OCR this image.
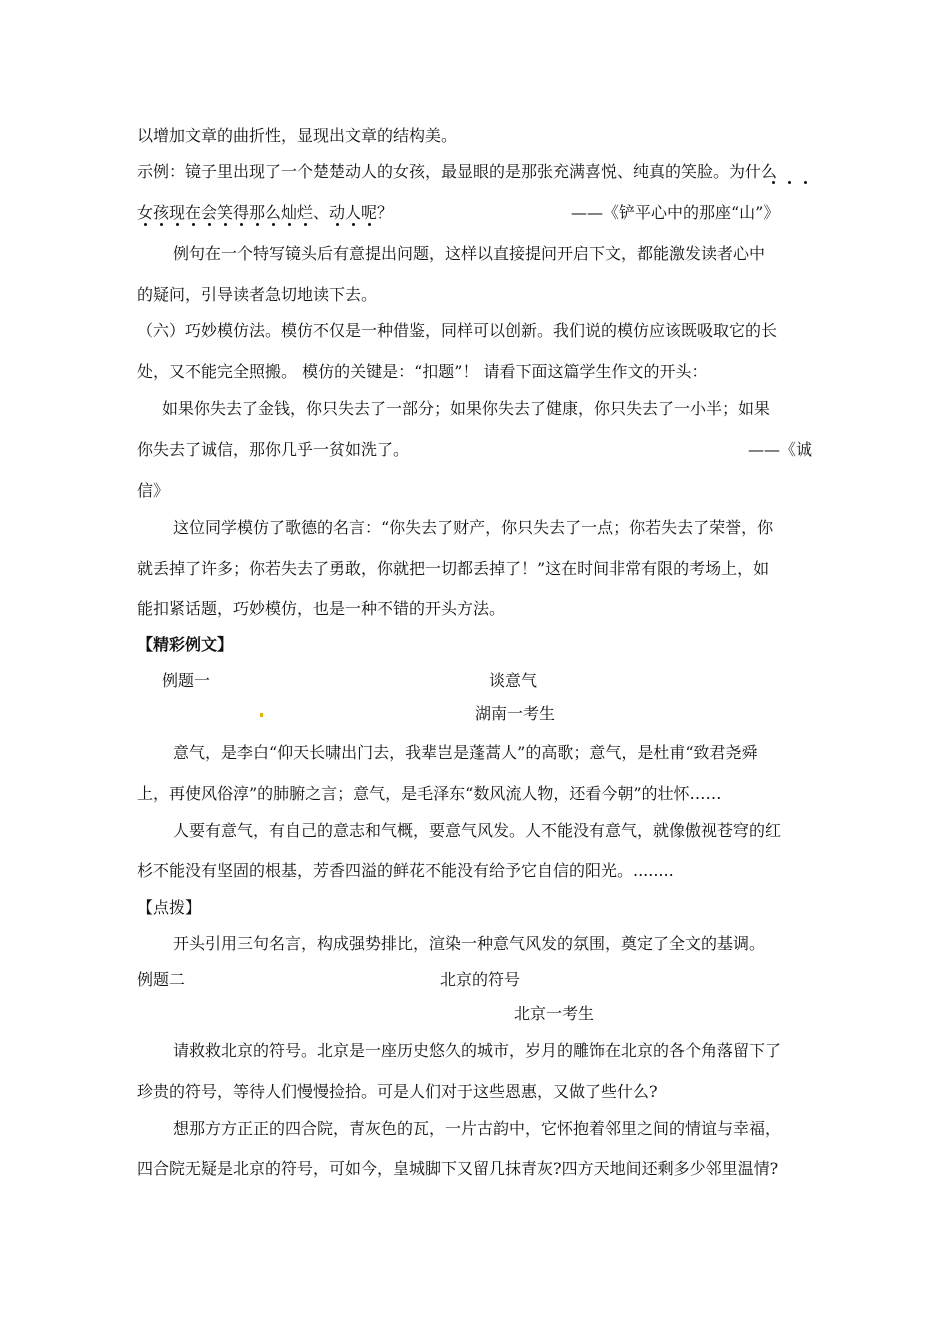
以增加文章的曲折性，显现出文章的结构美。
示例：镜子里出现了一个楚楚动人的女孩，最显眼的是那张充满喜悦、纯真的笑脸。为什么
女孩现在会笑得那么灿烂、动人呢？	——《铲平心中的那座“山”》
例句在一个特写镜头后有意提出问题，这样以直接提问开启下文，都能激发读者心中
的疑问，引导读者急切地读下去。
（六）巧妙模仿法。模仿不仅是一种借鉴，同样可以创新。我们说的模仿应该既吸取它的长
处，又不能完全照搬。 模仿的关键是：“扣题”！ 请看下面这篇学生作文的开头：
如果你失去了金钱，你只失去了一部分；如果你失去了健康，你只失去了一小半；如果
你失去了诚信，那你几乎一贫如洗了。	——《诚
信》
这位同学模仿了歌德的名言：“你失去了财产，你只失去了一点；你若失去了荣誉，你
就丢掉了许多；你若失去了勇敢，你就把一切都丢掉了！”这在时间非常有限的考场上，如
能扣紧话题，巧妙模仿，也是一种不错的开头方法。
【精彩例文】
例题一	谈意气
湖南一考生
意气，是李白“仰天长啸出门去，我辈岂是蓬蒿人”的高歌；意气，是杜甫“致君尧舜
上，再使风俗淳”的肺腑之言；意气，是毛泽东“数风流人物，还看今朝”的壮怀……
人要有意气，有自己的意志和气概，要意气风发。人不能没有意气，就像傲视苍穹的红
杉不能没有坚固的根基，芳香四溢的鲜花不能没有给予它自信的阳光。........
【点拨】
开头引用三句名言，构成强势排比，渲染一种意气风发的氛围，奠定了全文的基调。
例题二	北京的符号
北京一考生
请救救北京的符号。北京是一座历史悠久的城市，岁月的雕饰在北京的各个角落留下了
珍贵的符号，等待人们慢慢捡拾。可是人们对于这些恩惠，又做了些什么?
想那方方正正的四合院，青灰色的瓦，一片古韵中，它怀抱着邻里之间的情谊与幸福，
四合院无疑是北京的符号，可如今，皇城脚下又留几抹青灰?四方天地间还剩多少邻里温情?
